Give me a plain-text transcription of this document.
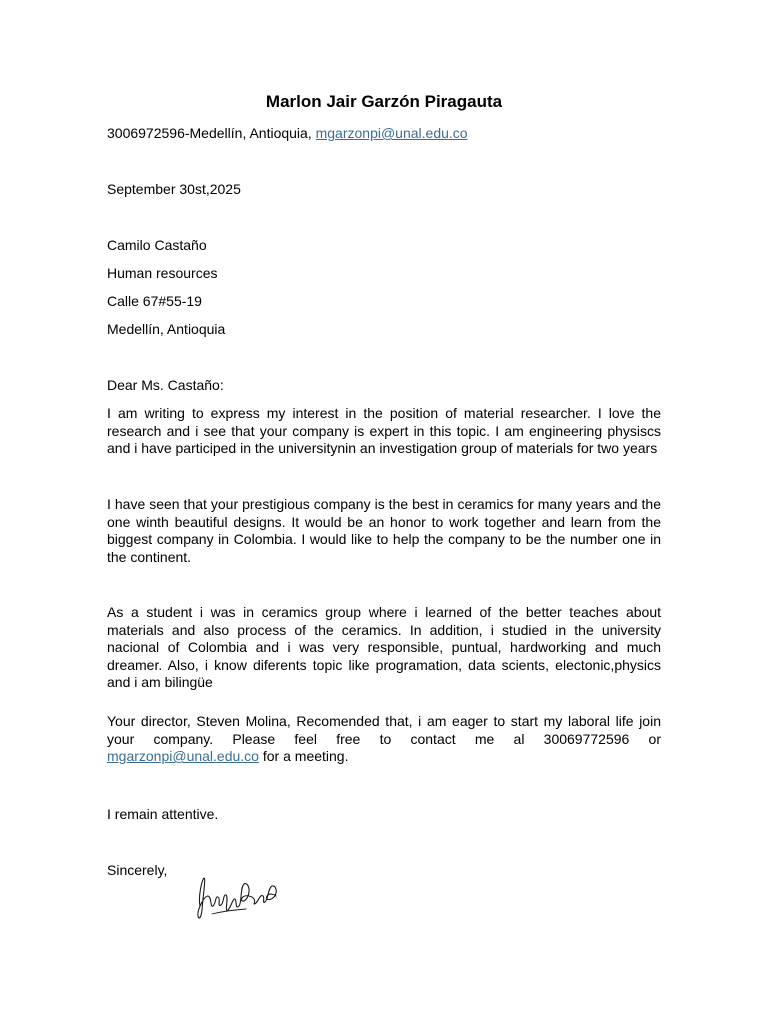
Marlon Jair Garzón Piragauta
3006972596-Medellín, Antioquia, mgarzonpi@unal.edu.co
September 30st,2025
Camilo Castaño
Human resources
Calle 67#55-19
Medellín, Antioquia
Dear Ms. Castaño:
I am writing to express my interest in the position of material researcher. I love the research and i see that your company is expert in this topic. I am engineering physiscs and i have participed in the universitynin an investigation group of materials for two years
I have seen that your prestigious company is the best in ceramics for many years and the one winth beautiful designs. It would be an honor to work together and learn from the biggest company in Colombia. I would like to help the company to be the number one in the continent.
As a student i was in ceramics group where i learned of the better teaches about materials and also process of the ceramics. In addition, i studied in the university nacional of Colombia and i was very responsible, puntual, hardworking and much dreamer. Also, i know diferents topic like programation, data scients, electonic,physics and i am bilingüe
Your director, Steven Molina, Recomended that, i am eager to start my laboral life join your company. Please feel free to contact me al 30069772596 or mgarzonpi@unal.edu.co for a meeting.
I remain attentive.
Sincerely,
